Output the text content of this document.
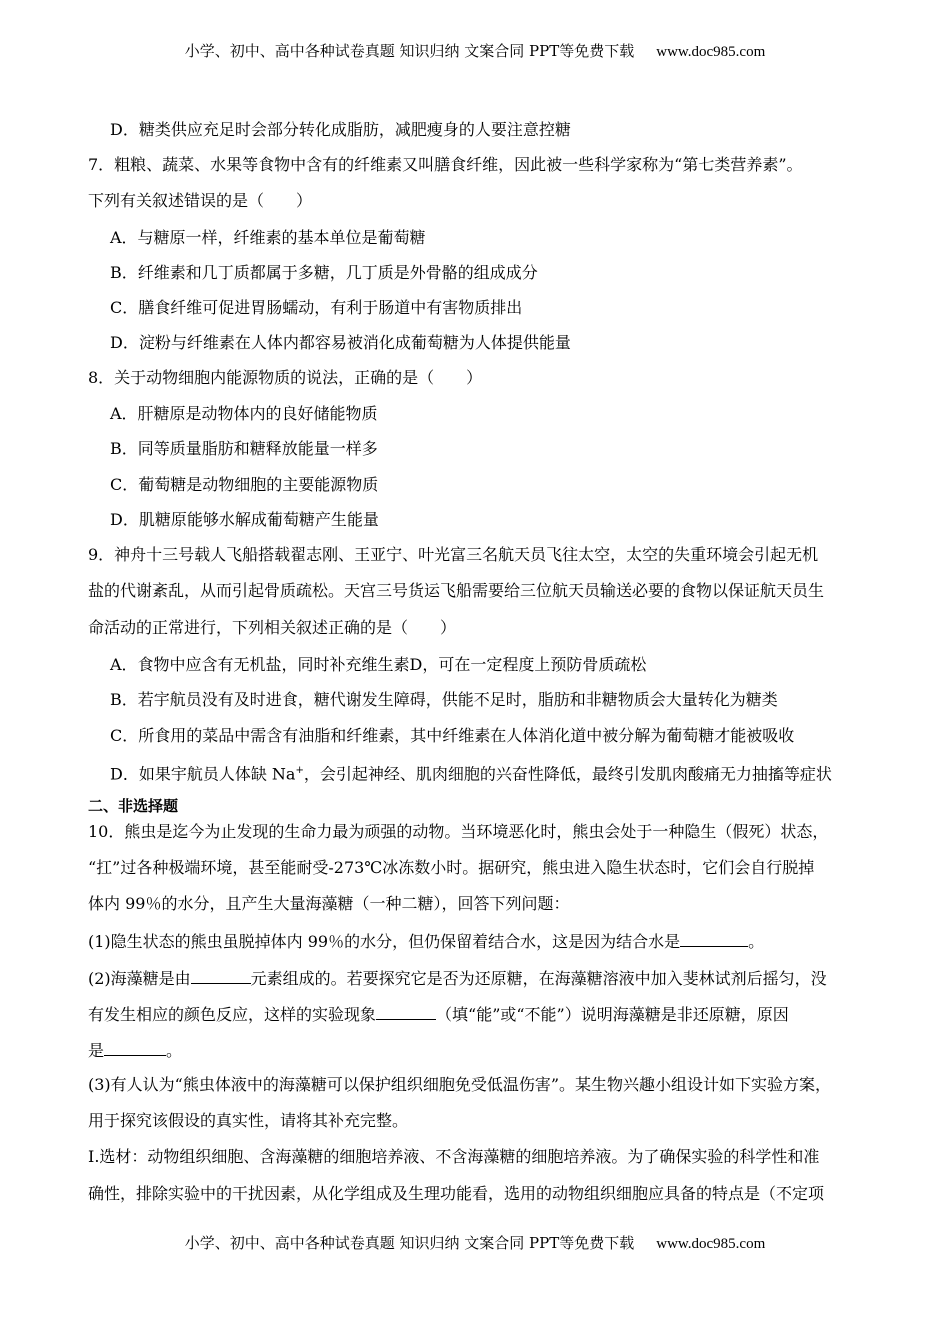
小学、初中、高中各种试卷真题 知识归纳 文案合同 PPT等免费下载 www.doc985.com
D．糖类供应充足时会部分转化成脂肪，减肥瘦身的人要注意控糖
7．粗粮、蔬菜、水果等食物中含有的纤维素又叫膳食纤维，因此被一些科学家称为“第七类营养素”。
下列有关叙述错误的是（　　）
A．与糖原一样，纤维素的基本单位是葡萄糖
B．纤维素和几丁质都属于多糖，几丁质是外骨骼的组成成分
C．膳食纤维可促进胃肠蠕动，有利于肠道中有害物质排出
D．淀粉与纤维素在人体内都容易被消化成葡萄糖为人体提供能量
8．关于动物细胞内能源物质的说法，正确的是（　　）
A．肝糖原是动物体内的良好储能物质
B．同等质量脂肪和糖释放能量一样多
C．葡萄糖是动物细胞的主要能源物质
D．肌糖原能够水解成葡萄糖产生能量
9．神舟十三号载人飞船搭载翟志刚、王亚宁、叶光富三名航天员飞往太空，太空的失重环境会引起无机
盐的代谢紊乱，从而引起骨质疏松。天宫三号货运飞船需要给三位航天员输送必要的食物以保证航天员生
命活动的正常进行，下列相关叙述正确的是（　　）
A．食物中应含有无机盐，同时补充维生素D，可在一定程度上预防骨质疏松
B．若宇航员没有及时进食，糖代谢发生障碍，供能不足时，脂肪和非糖物质会大量转化为糖类
C．所食用的菜品中需含有油脂和纤维素，其中纤维素在人体消化道中被分解为葡萄糖才能被吸收
D．如果宇航员人体缺 Na+，会引起神经、肌肉细胞的兴奋性降低，最终引发肌肉酸痛无力抽搐等症状
二、非选择题
10．熊虫是迄今为止发现的生命力最为顽强的动物。当环境恶化时，熊虫会处于一种隐生（假死）状态，
“扛”过各种极端环境，甚至能耐受-273℃冰冻数小时。据研究，熊虫进入隐生状态时，它们会自行脱掉
体内 99％的水分，且产生大量海藻糖（一种二糖），回答下列问题：
(1)隐生状态的熊虫虽脱掉体内 99％的水分，但仍保留着结合水，这是因为结合水是	。
(2)海藻糖是由	元素组成的。若要探究它是否为还原糖，在海藻糖溶液中加入斐林试剂后摇匀，没
有发生相应的颜色反应，这样的实验现象	（填“能”或“不能”）说明海藻糖是非还原糖，原因
是	。
(3)有人认为“熊虫体液中的海藻糖可以保护组织细胞免受低温伤害”。某生物兴趣小组设计如下实验方案，
用于探究该假设的真实性，请将其补充完整。
I.选材：动物组织细胞、含海藻糖的细胞培养液、不含海藻糖的细胞培养液。为了确保实验的科学性和准
确性，排除实验中的干扰因素，从化学组成及生理功能看，选用的动物组织细胞应具备的特点是（不定项
小学、初中、高中各种试卷真题 知识归纳 文案合同 PPT等免费下载 www.doc985.com
